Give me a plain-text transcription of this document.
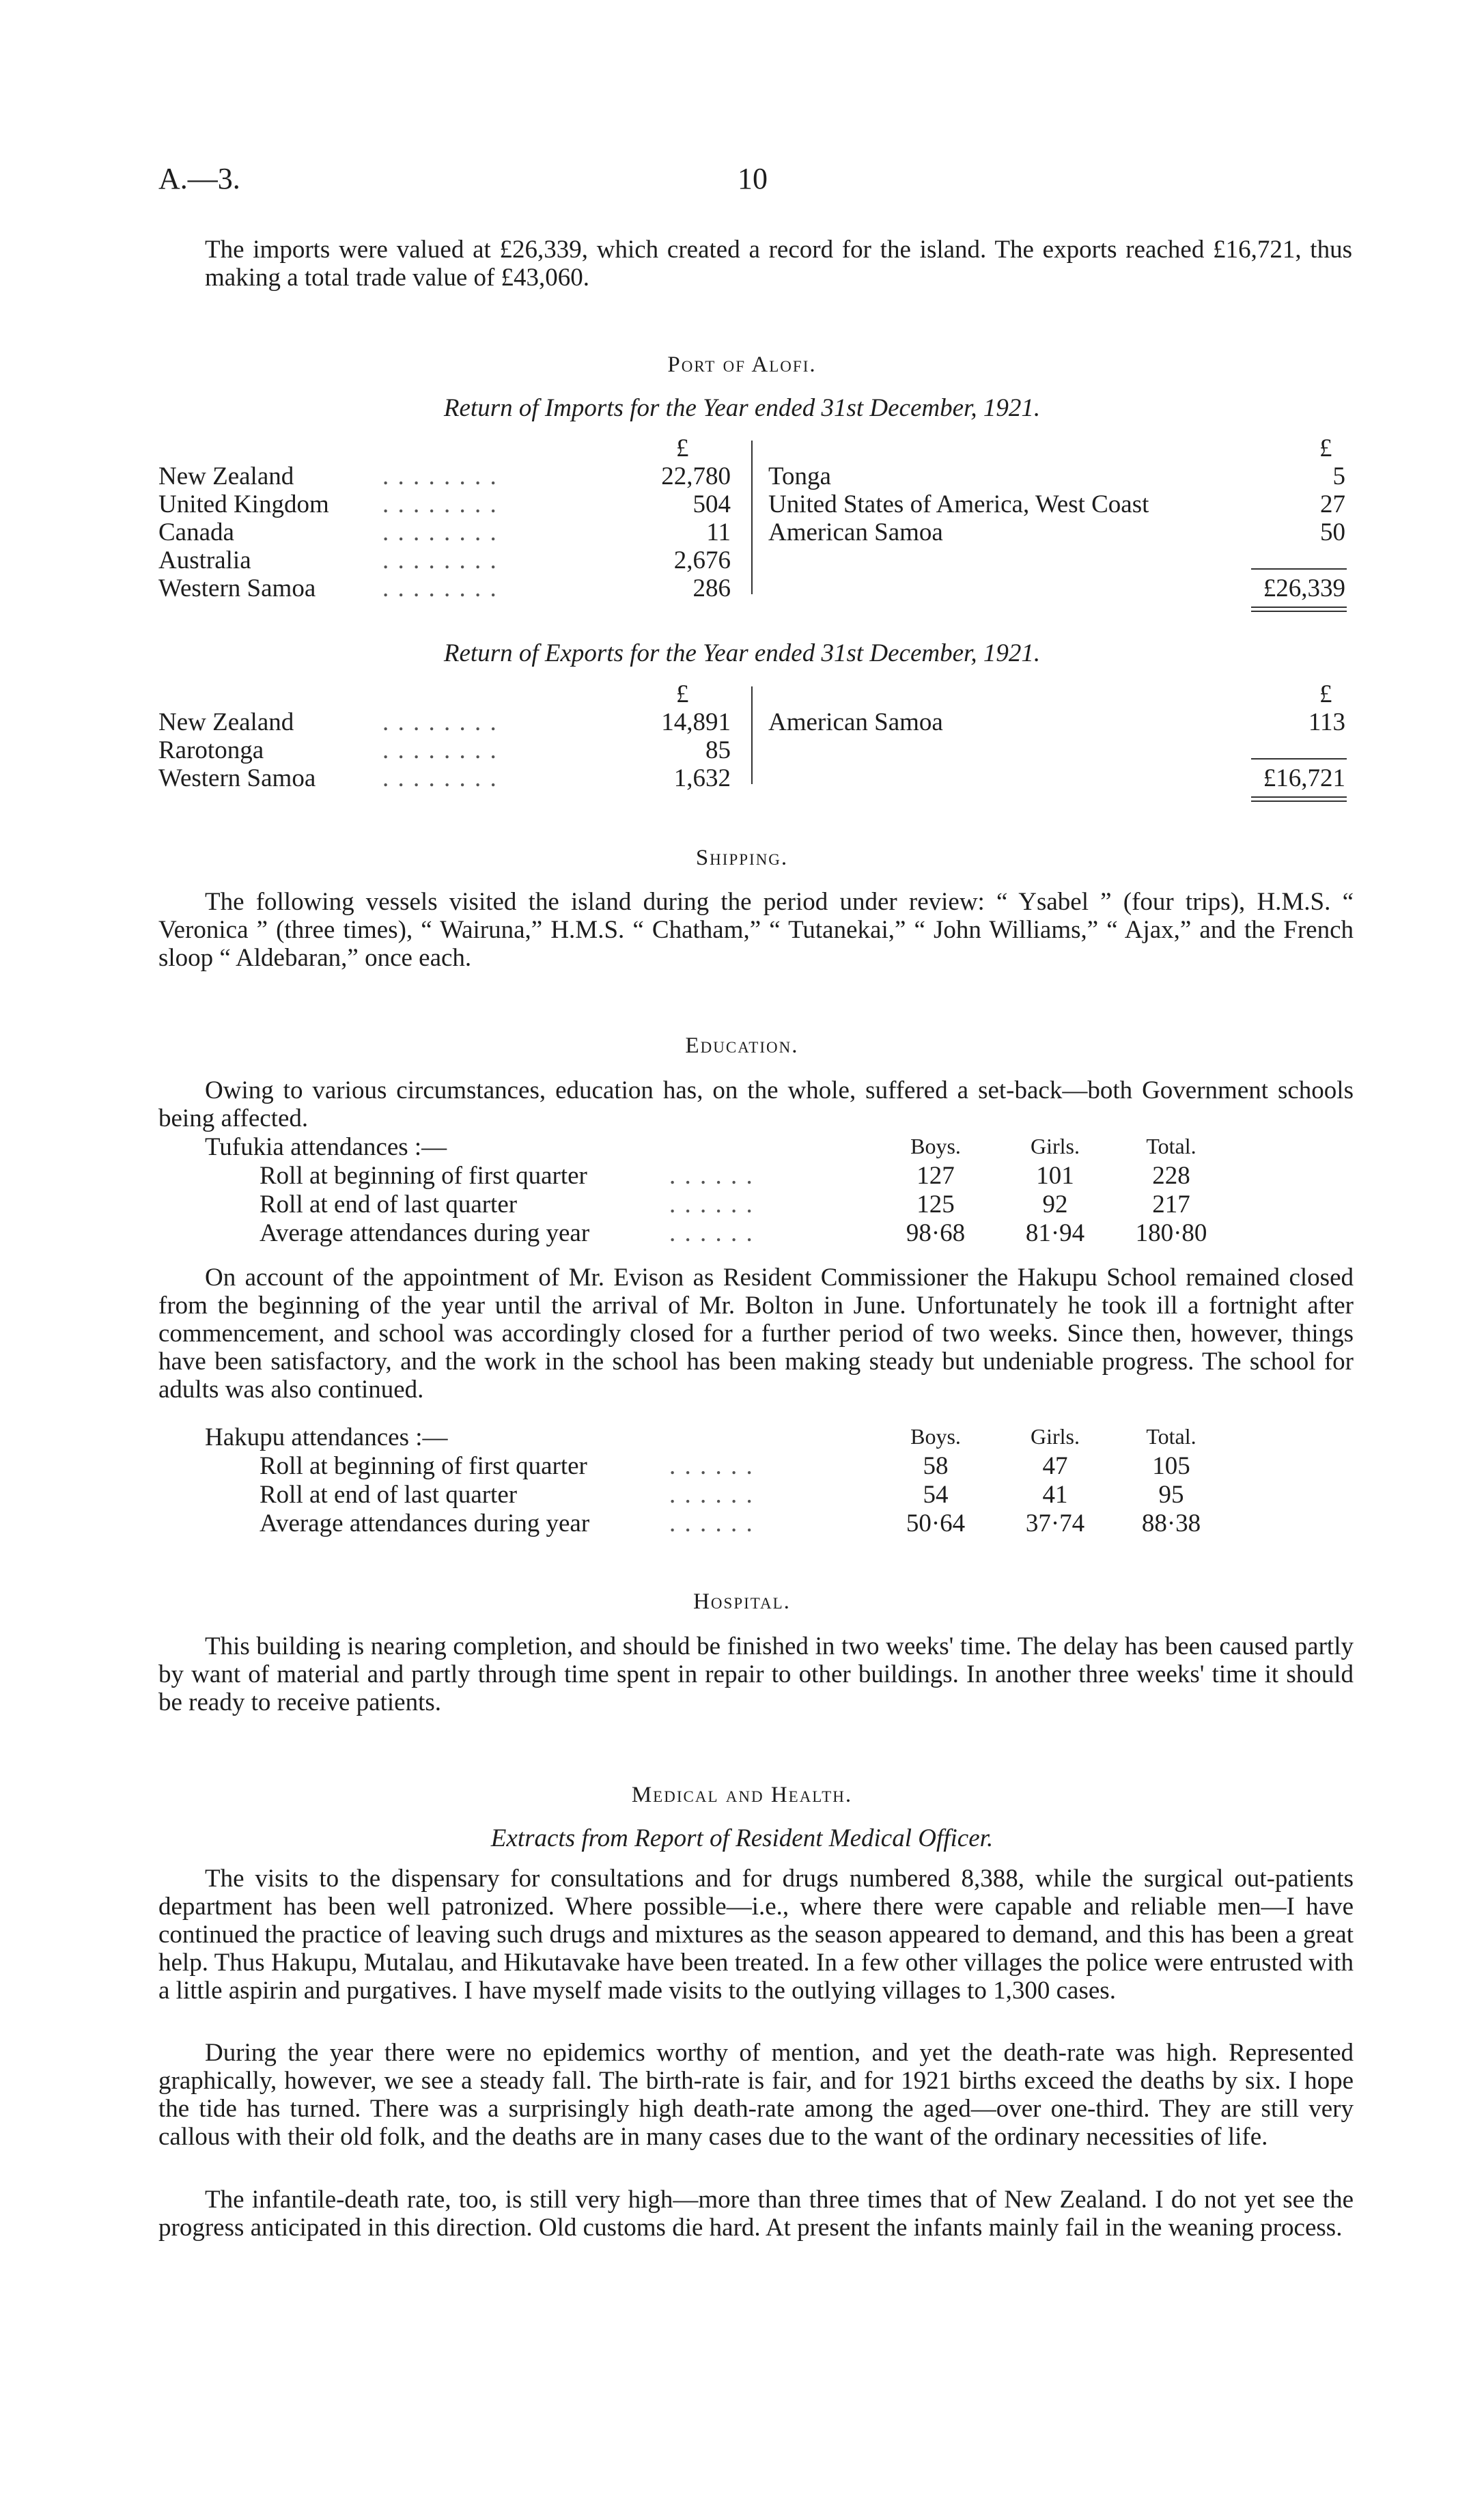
A.—3.	10

The imports were valued at £26,339, which created a record for the island. The exports reached £16,721, thus making a total trade value of £43,060.

Port of Alofi.
Return of Imports for the Year ended 31st December, 1921.
£	£
New Zealand	. . . . . . . .	22,780
United Kingdom . . . . . . . .	504
Canada	. . . . . . . .	11
Australia	. . . . . . . .	2,676
Western Samoa	. . . . . . . .	286
Tonga	5
United States of America, West Coast	27
American Samoa	50
£26,339
Return of Exports for the Year ended 31st December, 1921.
£	£
New Zealand	. . . . . . . .	14,891
Rarotonga	. . . . . . . .	85
Western Samoa	. . . . . . . .	1,632
American Samoa	113
£16,721
Shipping.

The following vessels visited the island during the period under review: “ Ysabel ” (four trips), H.M.S. “ Veronica ” (three times), “ Wairuna,” H.M.S. “ Chatham,” “ Tutanekai,” “ John Williams,” “ Ajax,” and the French sloop “ Aldebaran,” once each.

Education.

Owing to various circumstances, education has, on the whole, suffered a set-back—both Government schools being affected.

Tufukia attendances :—	Boys.	Girls.	Total.
Roll at beginning of first quarter	. . . . . .	127	101	228
Roll at end of last quarter	. . . . . .	125	92	217
Average attendances during year	. . . . . .	98·68	81·94	180·80

On account of the appointment of Mr. Evison as Resident Commissioner the Hakupu School remained closed from the beginning of the year until the arrival of Mr. Bolton in June. Unfortunately he took ill a fortnight after commencement, and school was accordingly closed for a further period of two weeks. Since then, however, things have been satisfactory, and the work in the school has been making steady but undeniable progress. The school for adults was also continued.

Hakupu attendances :—	Boys.	Girls.	Total.
Roll at beginning of first quarter	. . . . . .	58	47	105
Roll at end of last quarter	. . . . . .	54	41	95
Average attendances during year	. . . . . .	50·64	37·74	88·38
Hospital.

This building is nearing completion, and should be finished in two weeks' time. The delay has been caused partly by want of material and partly through time spent in repair to other buildings. In another three weeks' time it should be ready to receive patients.

Medical and Health.
Extracts from Report of Resident Medical Officer.

The visits to the dispensary for consultations and for drugs numbered 8,388, while the surgical out-patients department has been well patronized. Where possible—i.e., where there were capable and reliable men—I have continued the practice of leaving such drugs and mixtures as the season appeared to demand, and this has been a great help. Thus Hakupu, Mutalau, and Hikutavake have been treated. In a few other villages the police were entrusted with a little aspirin and purgatives. I have myself made visits to the outlying villages to 1,300 cases.

During the year there were no epidemics worthy of mention, and yet the death-rate was high. Represented graphically, however, we see a steady fall. The birth-rate is fair, and for 1921 births exceed the deaths by six. I hope the tide has turned. There was a surprisingly high death-rate among the aged—over one-third. They are still very callous with their old folk, and the deaths are in many cases due to the want of the ordinary necessities of life.

The infantile-death rate, too, is still very high—more than three times that of New Zealand. I do not yet see the progress anticipated in this direction. Old customs die hard. At present the infants mainly fail in the weaning process.
